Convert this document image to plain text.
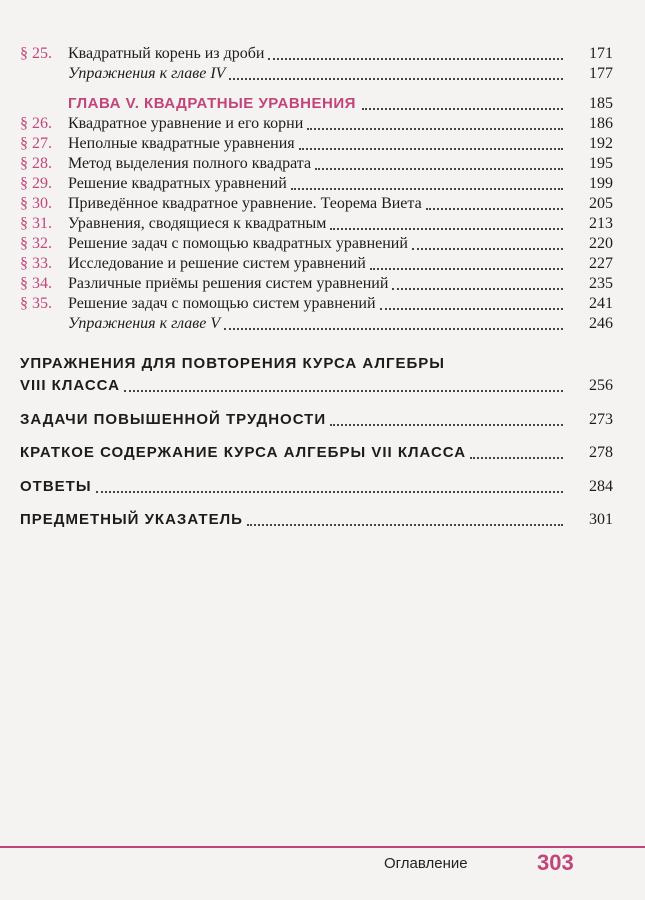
§ 25.	Квадратный корень из дроби	171
Упражнения к главе IV	177
ГЛАВА V. КВАДРАТНЫЕ УРАВНЕНИЯ	185
§ 26.	Квадратное уравнение и его корни	186
§ 27.	Неполные квадратные уравнения	192
§ 28.	Метод выделения полного квадрата	195
§ 29.	Решение квадратных уравнений	199
§ 30.	Приведённое квадратное уравнение. Теорема Виета	205
§ 31.	Уравнения, сводящиеся к квадратным	213
§ 32.	Решение задач с помощью квадратных уравнений	220
§ 33.	Исследование и решение систем уравнений	227
§ 34.	Различные приёмы решения систем уравнений	235
§ 35.	Решение задач с помощью систем уравнений	241
Упражнения к главе V	246
УПРАЖНЕНИЯ ДЛЯ ПОВТОРЕНИЯ КУРСА АЛГЕБРЫ
VIII КЛАССА	256
ЗАДАЧИ ПОВЫШЕННОЙ ТРУДНОСТИ	273
КРАТКОЕ СОДЕРЖАНИЕ КУРСА АЛГЕБРЫ VII КЛАССА	278
ОТВЕТЫ	284
ПРЕДМЕТНЫЙ УКАЗАТЕЛЬ	301
Оглавление	303
